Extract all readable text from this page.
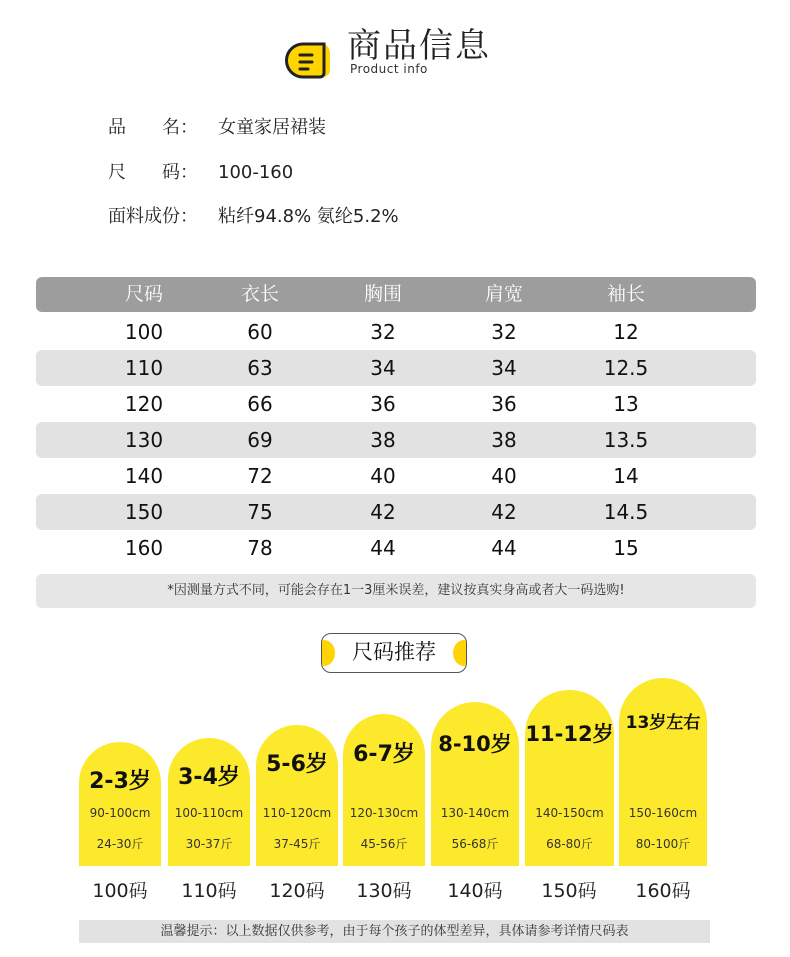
商品信息
Product info
品　　名： 女童家居裙装
尺　　码： 100-160
面料成份： 粘纤94.8% 氨纶5.2%
尺码	衣长	胸围	肩宽	袖长
100	60	32	32	12
110	63	34	34	12.5
120	66	36	36	13
130	69	38	38	13.5
140	72	40	40	14
150	75	42	42	14.5
160	78	44	44	15
*因测量方式不同，可能会存在1一3厘米误差，建议按真实身高或者大一码选购!
尺码推荐
2-3岁
90-100cm
24-30斤
3-4岁
100-110cm
30-37斤
5-6岁
110-120cm
37-45斤
6-7岁
120-130cm
45-56斤
8-10岁
130-140cm
56-68斤
11-12岁
140-150cm
68-80斤
13岁左右
150-160cm
80-100斤
100码	110码	120码	130码	140码	150码	160码
温馨提示：以上数据仅供参考，由于每个孩子的体型差异，具体请参考详情尺码表
